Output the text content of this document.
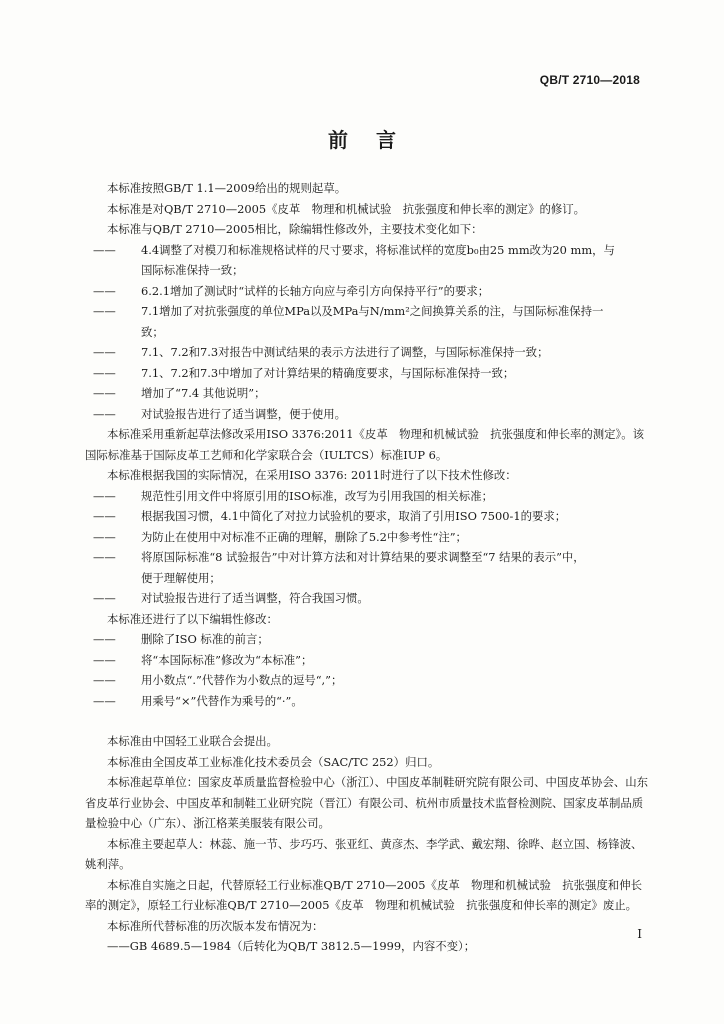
QB/T 2710—2018
前言
本标准按照GB/T 1.1—2009给出的规则起草。
本标准是对QB/T 2710—2005《皮革　物理和机械试验　抗张强度和伸长率的测定》的修订。
本标准与QB/T 2710—2005相比，除编辑性修改外，主要技术变化如下：
—— 4.4调整了对模刀和标准规格试样的尺寸要求，将标准试样的宽度b₀由25 mm改为20 mm，与
国际标准保持一致；
—— 6.2.1增加了测试时“试样的长轴方向应与牵引方向保持平行”的要求；
—— 7.1增加了对抗张强度的单位MPa以及MPa与N/mm²之间换算关系的注，与国际标准保持一
致；
—— 7.1、7.2和7.3对报告中测试结果的表示方法进行了调整，与国际标准保持一致；
—— 7.1、7.2和7.3中增加了对计算结果的精确度要求，与国际标准保持一致；
—— 增加了“7.4 其他说明”；
—— 对试验报告进行了适当调整，便于使用。
本标准采用重新起草法修改采用ISO 3376:2011《皮革　物理和机械试验　抗张强度和伸长率的测定》。该国际标准基于国际皮革工艺师和化学家联合会（IULTCS）标准IUP 6。
本标准根据我国的实际情况，在采用ISO 3376: 2011时进行了以下技术性修改：
—— 规范性引用文件中将原引用的ISO标准，改写为引用我国的相关标准；
—— 根据我国习惯，4.1中简化了对拉力试验机的要求，取消了引用ISO 7500-1的要求；
—— 为防止在使用中对标准不正确的理解，删除了5.2中参考性“注”；
—— 将原国际标准“8 试验报告”中对计算方法和对计算结果的要求调整至“7 结果的表示”中，
便于理解使用；
—— 对试验报告进行了适当调整，符合我国习惯。
本标准还进行了以下编辑性修改：
—— 删除了ISO 标准的前言；
—— 将“本国际标准”修改为“本标准”；
—— 用小数点“.”代替作为小数点的逗号“,”；
—— 用乘号“×”代替作为乘号的“·”。
本标准由中国轻工业联合会提出。
本标准由全国皮革工业标准化技术委员会（SAC/TC 252）归口。
本标准起草单位：国家皮革质量监督检验中心（浙江）、中国皮革制鞋研究院有限公司、中国皮革协会、山东省皮革行业协会、中国皮革和制鞋工业研究院（晋江）有限公司、杭州市质量技术监督检测院、国家皮革制品质量检验中心（广东）、浙江格莱美服装有限公司。
本标准主要起草人：林蕊、施一节、步巧巧、张亚红、黄彦杰、李学武、戴宏翔、徐晔、赵立国、杨锋波、姚利萍。
本标准自实施之日起，代替原轻工行业标准QB/T 2710—2005《皮革　物理和机械试验　抗张强度和伸长率的测定》，原轻工行业标准QB/T 2710—2005《皮革　物理和机械试验　抗张强度和伸长率的测定》废止。
本标准所代替标准的历次版本发布情况为：
——GB 4689.5—1984（后转化为QB/T 3812.5—1999，内容不变）；
I
